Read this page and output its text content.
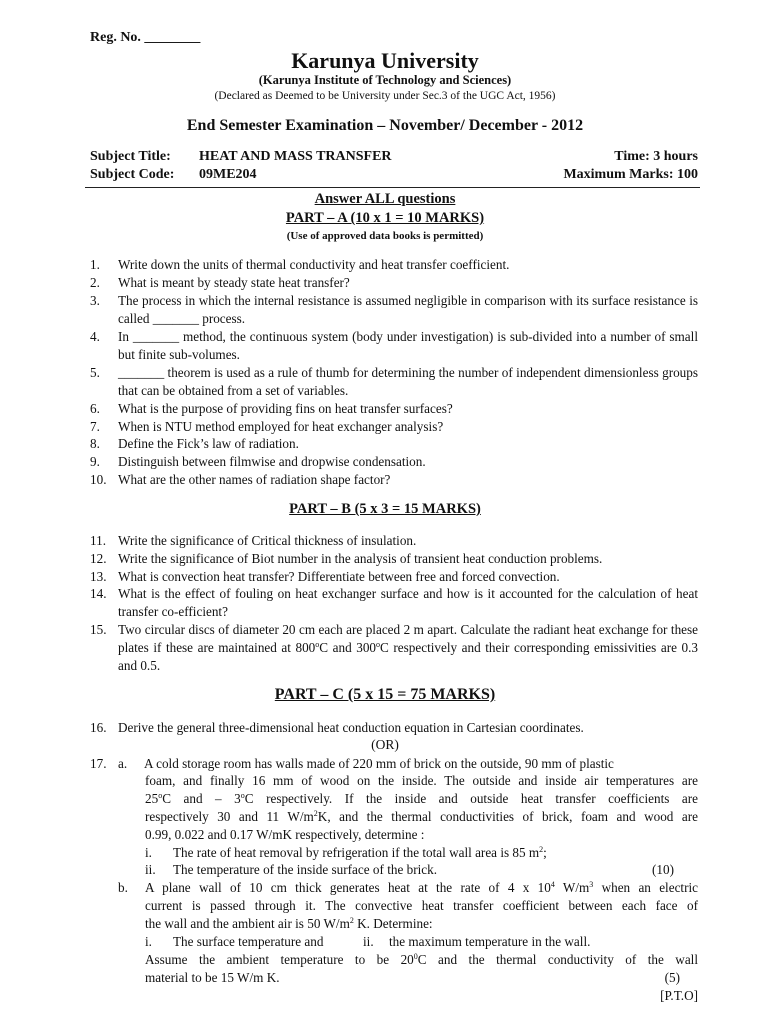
Reg. No. ________
Karunya University
(Karunya Institute of Technology and Sciences)
(Declared as Deemed to be University under Sec.3 of the UGC Act, 1956)
End Semester Examination – November/ December - 2012
Subject Title: HEAT AND MASS TRANSFER	Time: 3 hours
Subject Code: 09ME204	Maximum Marks: 100
Answer ALL questions
PART – A (10 x 1 = 10 MARKS)
(Use of approved data books is permitted)
1.	Write down the units of thermal conductivity and heat transfer coefficient.
2.	What is meant by steady state heat transfer?
3.	The process in which the internal resistance is assumed negligible in comparison with its surface resistance is called _______ process.
4.	In _______ method, the continuous system (body under investigation) is sub-divided into a number of small but finite sub-volumes.
5.	_______ theorem is used as a rule of thumb for determining the number of independent dimensionless groups that can be obtained from a set of variables.
6.	What is the purpose of providing fins on heat transfer surfaces?
7.	When is NTU method employed for heat exchanger analysis?
8.	Define the Fick’s law of radiation.
9.	Distinguish between filmwise and dropwise condensation.
10. What are the other names of radiation shape factor?
PART – B (5 x 3 = 15 MARKS)
11. Write the significance of Critical thickness of insulation.
12. Write the significance of Biot number in the analysis of transient heat conduction problems.
13. What is convection heat transfer? Differentiate between free and forced convection.
14. What is the effect of fouling on heat exchanger surface and how is it accounted for the calculation of heat transfer co-efficient?
15. Two circular discs of diameter 20 cm each are placed 2 m apart. Calculate the radiant heat exchange for these plates if these are maintained at 800$^o$C and 300$^o$C respectively and their corresponding emissivities are 0.3 and 0.5.
PART – C (5 x 15 = 75 MARKS)
16. Derive the general three-dimensional heat conduction equation in Cartesian coordinates.
(OR)
17. a. A cold storage room has walls made of 220 mm of brick on the outside, 90 mm of plastic
foam, and finally 16 mm of wood on the inside. The outside and inside air temperatures are
25$^o$C and – 3$^o$C respectively. If the inside and outside heat transfer coefficients are
respectively 30 and 11 $W/m^2K$, and the thermal conductivities of brick, foam and wood are
0.99, 0.022 and 0.17 W/mK respectively, determine :
i. The rate of heat removal by refrigeration if the total wall area is 85 $m^2$;
ii. The temperature of the inside surface of the brick.	(10)
b. A plane wall of 10 cm thick generates heat at the rate of 4 x $10^4$ $W/m^3$ when an electric
current is passed through it. The convective heat transfer coefficient between each face of
the wall and the ambient air is 50 $W/m^2$ K. Determine:
i. The surface temperature and	ii. the maximum temperature in the wall.
Assume the ambient temperature to be $20^0C$ and the thermal conductivity of the wall
material to be 15 W/m K.	(5)
[P.T.O]
